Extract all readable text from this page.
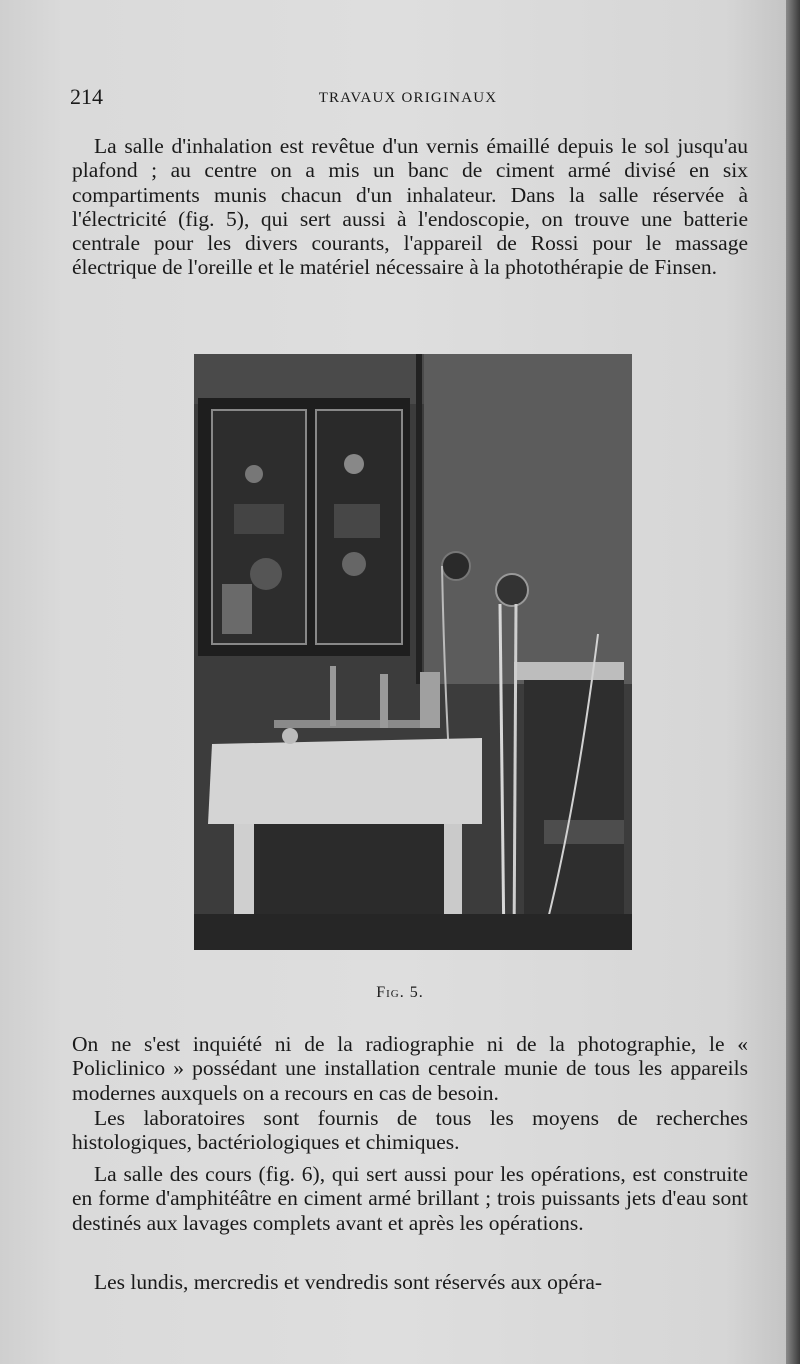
214	TRAVAUX ORIGINAUX

La salle d'inhalation est revêtue d'un vernis émaillé depuis le sol jusqu'au plafond ; au centre on a mis un banc de ciment armé divisé en six compartiments munis chacun d'un inhalateur. Dans la salle réservée à l'électricité (fig. 5), qui sert aussi à l'endoscopie, on trouve une batterie centrale pour les divers courants, l'appareil de Rossi pour le massage électrique de l'oreille et le matériel nécessaire à la photothérapie de Finsen.

Fig. 5.

On ne s'est inquiété ni de la radiographie ni de la photographie, le « Policlinico » possédant une installation centrale munie de tous les appareils modernes auxquels on a recours en cas de besoin.

Les laboratoires sont fournis de tous les moyens de recherches histologiques, bactériologiques et chimiques.

La salle des cours (fig. 6), qui sert aussi pour les opérations, est construite en forme d'amphitéâtre en ciment armé brillant ; trois puissants jets d'eau sont destinés aux lavages complets avant et après les opérations.

Les lundis, mercredis et vendredis sont réservés aux opéra-
